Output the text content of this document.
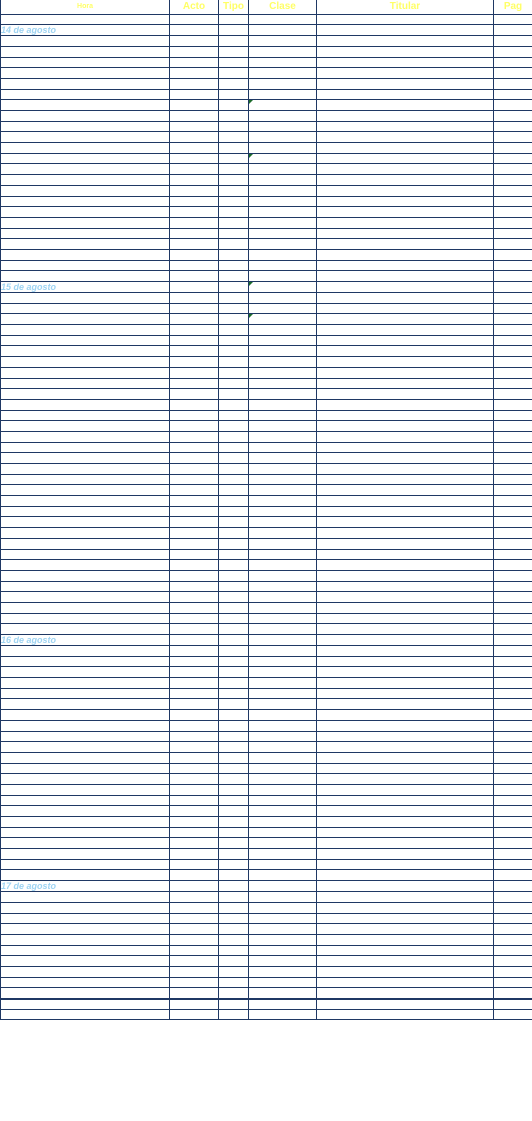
Hora	Acto	Tipo	Clase	Titular	Pag

14 de agosto					

15 de agosto					

16 de agosto					

17 de agosto					
